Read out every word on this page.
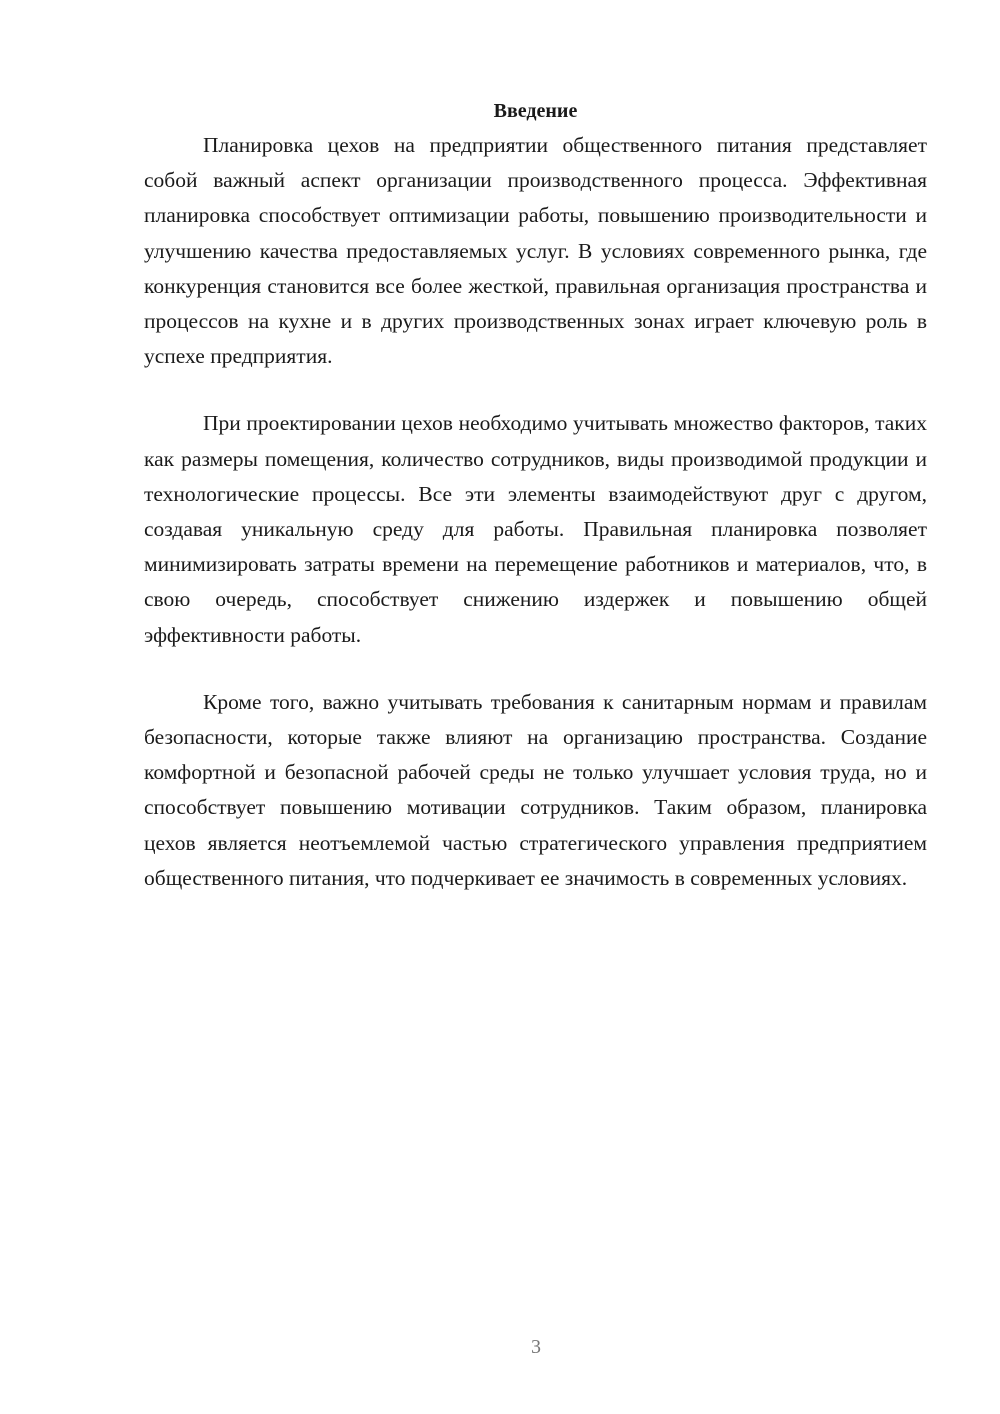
Введение

Планировка цехов на предприятии общественного питания представляет собой важный аспект организации производственного процесса. Эффективная планировка способствует оптимизации работы, повышению производительности и улучшению качества предоставляемых услуг. В условиях современного рынка, где конкуренция становится все более жесткой, правильная организация пространства и процессов на кухне и в других производственных зонах играет ключевую роль в успехе предприятия.

При проектировании цехов необходимо учитывать множество факторов, таких как размеры помещения, количество сотрудников, виды производимой продукции и технологические процессы. Все эти элементы взаимодействуют друг с другом, создавая уникальную среду для работы. Правильная планировка позволяет минимизировать затраты времени на перемещение работников и материалов, что, в свою очередь, способствует снижению издержек и повышению общей эффективности работы.

Кроме того, важно учитывать требования к санитарным нормам и правилам безопасности, которые также влияют на организацию пространства. Создание комфортной и безопасной рабочей среды не только улучшает условия труда, но и способствует повышению мотивации сотрудников. Таким образом, планировка цехов является неотъемлемой частью стратегического управления предприятием общественного питания, что подчеркивает ее значимость в современных условиях.

3
